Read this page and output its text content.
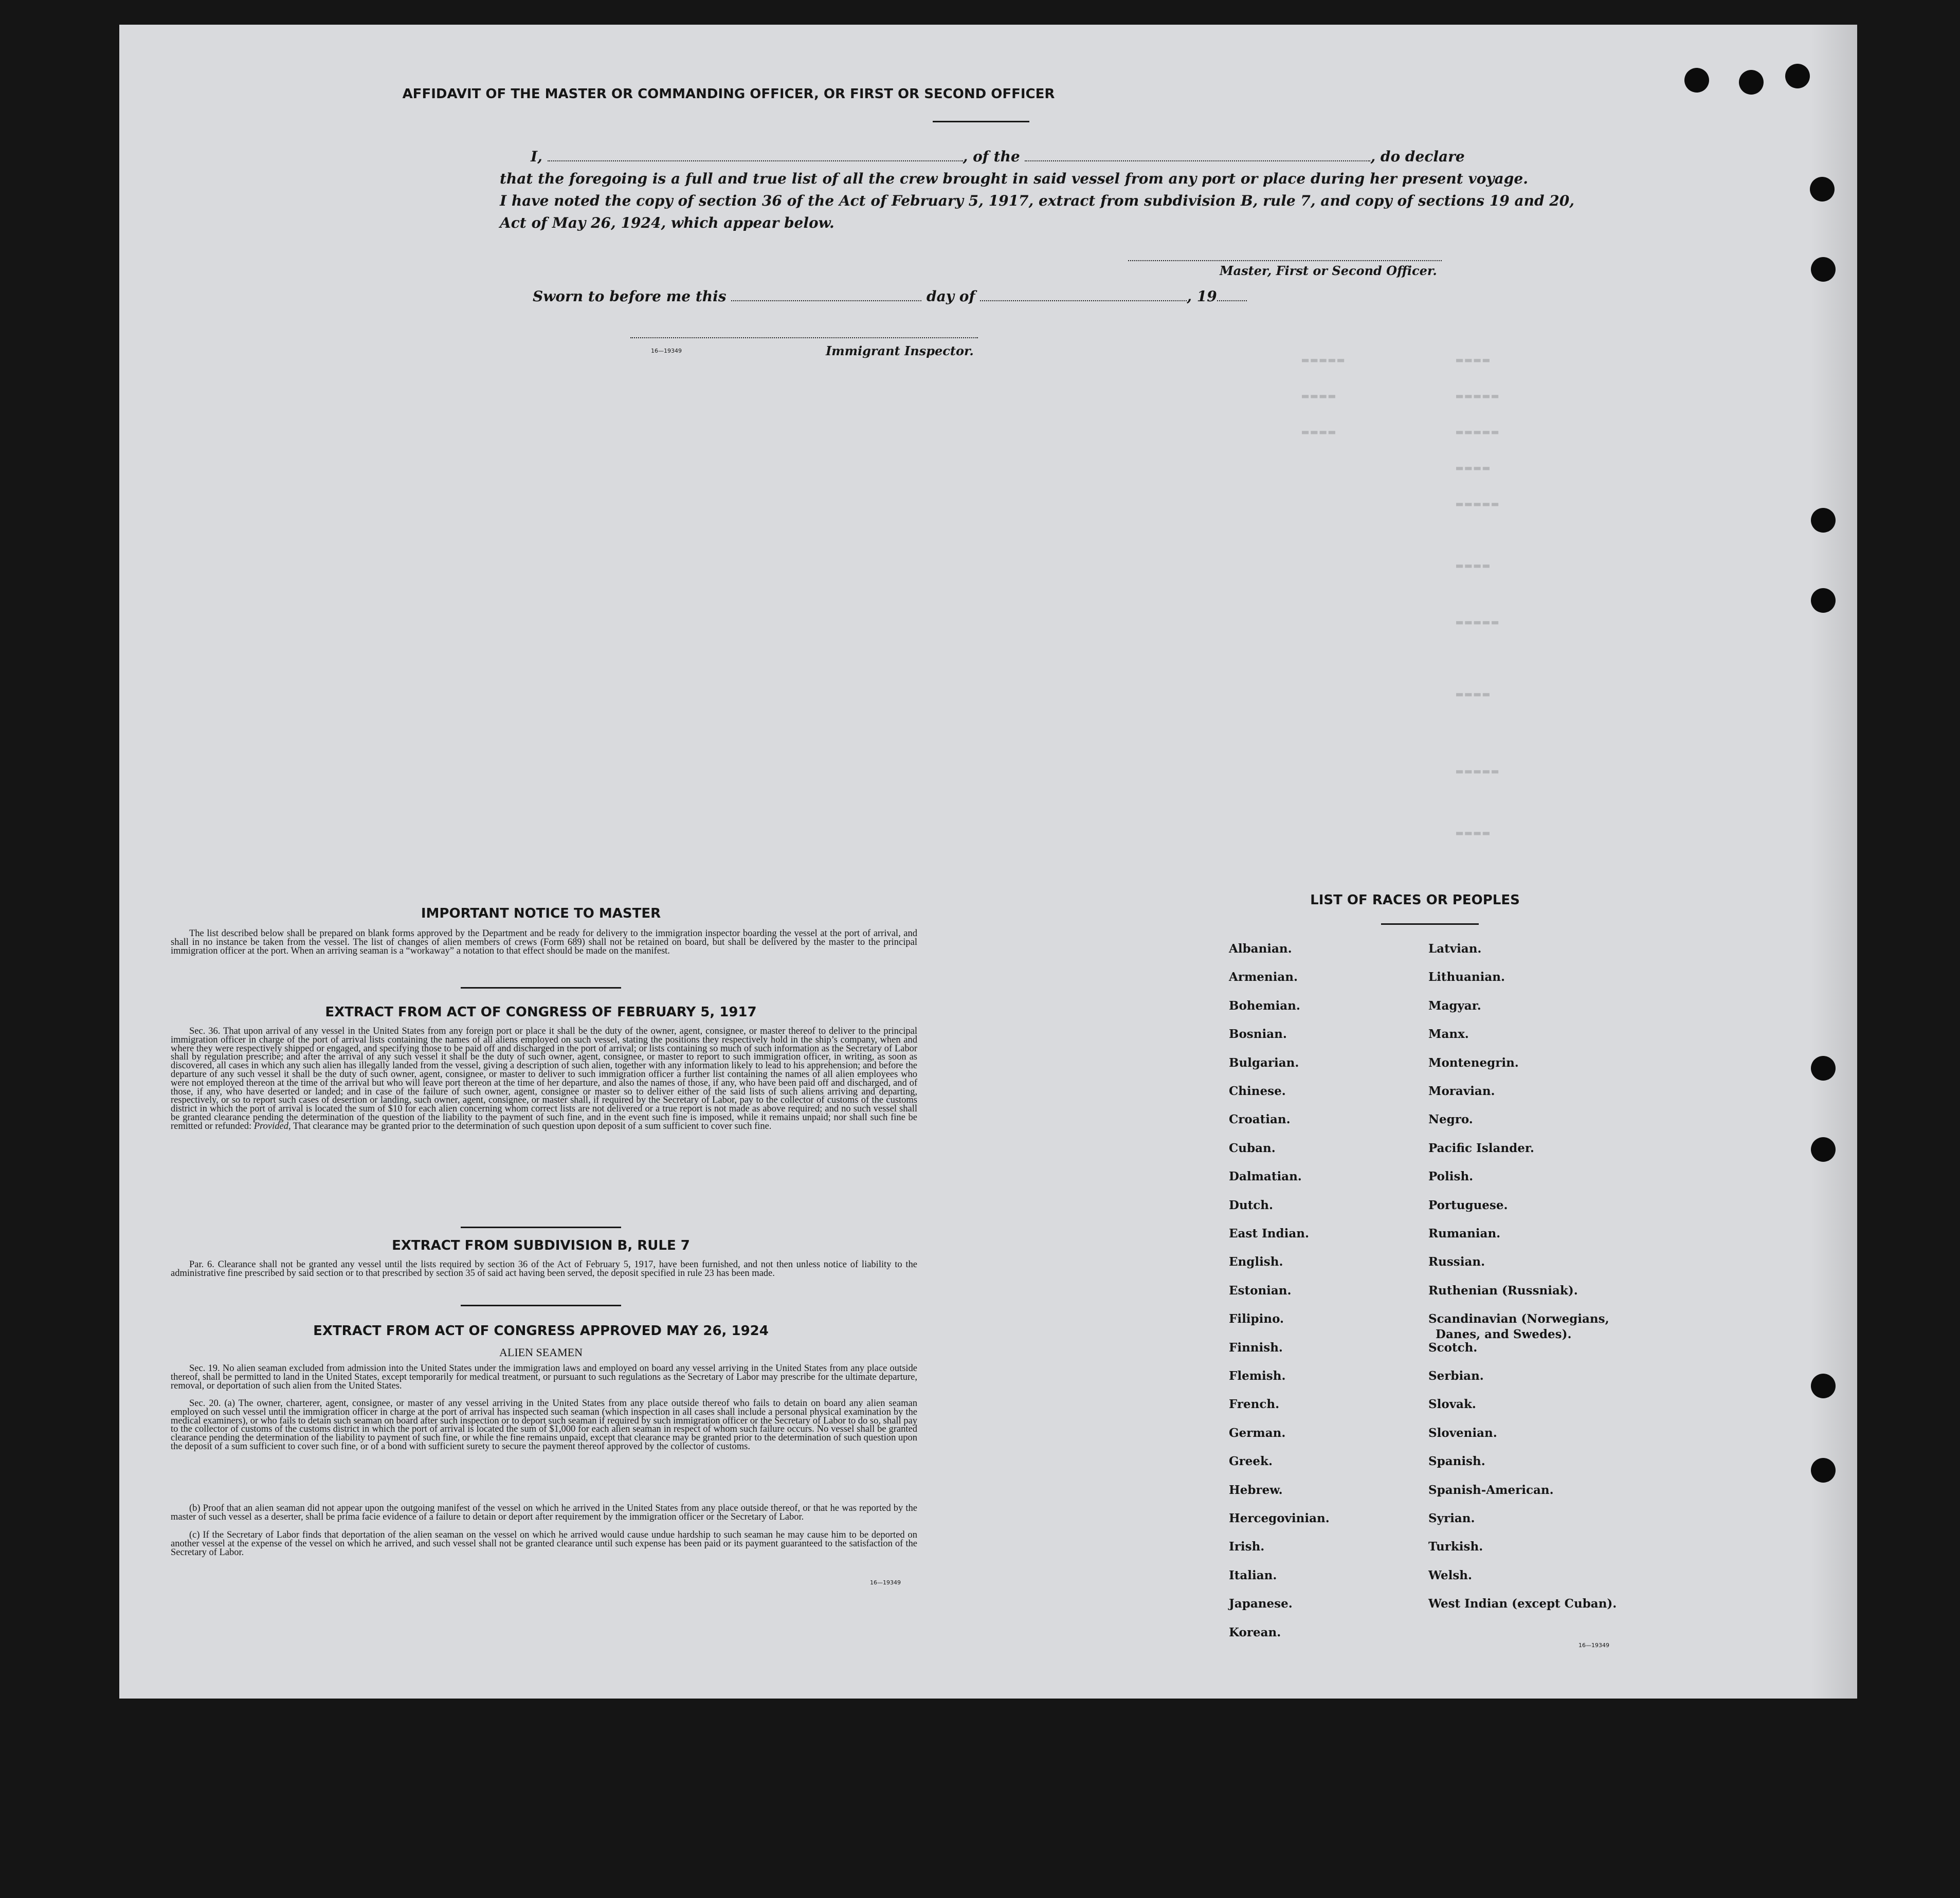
▬▬▬▬
▬▬▬▬▬
▬▬▬▬▬
▬▬▬▬
▬▬▬▬▬
▬▬▬▬
▬▬▬▬
▬▬▬▬▬
▬▬▬▬
▬▬▬▬▬
▬▬▬▬
▬▬▬▬▬
▬▬▬▬
AFFIDAVIT OF THE MASTER OR COMMANDING OFFICER, OR FIRST OR SECOND OFFICER
I,	, of the	, do declare
that the foregoing is a full and true list of all the crew brought in said vessel from any port or place during her present voyage.
I have noted the copy of section 36 of the Act of February 5, 1917, extract from subdivision B, rule 7, and copy of sections 19 and 20,
Act of May 26, 1924, which appear below.
Master, First or Second Officer.
Sworn to before me this	day of	, 19
16—19349	Immigrant Inspector.
IMPORTANT NOTICE TO MASTER
The list described below shall be prepared on blank forms approved by the Department and be ready for delivery to the immigration inspector boarding the vessel at the port of arrival, and shall in no instance be taken from the vessel. The list of changes of alien members of crews (Form 689) shall not be retained on board, but shall be delivered by the master to the principal immigration officer at the port. When an arriving seaman is a “workaway” a notation to that effect should be made on the manifest.
EXTRACT FROM ACT OF CONGRESS OF FEBRUARY 5, 1917
Sec. 36. That upon arrival of any vessel in the United States from any foreign port or place it shall be the duty of the owner, agent, consignee, or master thereof to deliver to the principal immigration officer in charge of the port of arrival lists containing the names of all aliens employed on such vessel, stating the positions they respectively hold in the ship’s company, when and where they were respectively shipped or engaged, and specifying those to be paid off and discharged in the port of arrival; or lists containing so much of such information as the Secretary of Labor shall by regulation prescribe; and after the arrival of any such vessel it shall be the duty of such owner, agent, consignee, or master to report to such immigration officer, in writing, as soon as discovered, all cases in which any such alien has illegally landed from the vessel, giving a description of such alien, together with any information likely to lead to his apprehension; and before the departure of any such vessel it shall be the duty of such owner, agent, consignee, or master to deliver to such immigration officer a further list containing the names of all alien employees who were not employed thereon at the time of the arrival but who will leave port thereon at the time of her departure, and also the names of those, if any, who have been paid off and discharged, and of those, if any, who have deserted or landed; and in case of the failure of such owner, agent, consignee or master so to deliver either of the said lists of such aliens arriving and departing, respectively, or so to report such cases of desertion or landing, such owner, agent, consignee, or master shall, if required by the Secretary of Labor, pay to the collector of customs of the customs district in which the port of arrival is located the sum of $10 for each alien concerning whom correct lists are not delivered or a true report is not made as above required; and no such vessel shall be granted clearance pending the determination of the question of the liability to the payment of such fine, and in the event such fine is imposed, while it remains unpaid; nor shall such fine be remitted or refunded: Provided, That clearance may be granted prior to the determination of such question upon deposit of a sum sufficient to cover such fine.
EXTRACT FROM SUBDIVISION B, RULE 7
Par. 6. Clearance shall not be granted any vessel until the lists required by section 36 of the Act of February 5, 1917, have been furnished, and not then unless notice of liability to the administrative fine prescribed by said section or to that prescribed by section 35 of said act having been served, the deposit specified in rule 23 has been made.
EXTRACT FROM ACT OF CONGRESS APPROVED MAY 26, 1924
ALIEN SEAMEN
Sec. 19. No alien seaman excluded from admission into the United States under the immigration laws and employed on board any vessel arriving in the United States from any place outside thereof, shall be permitted to land in the United States, except temporarily for medical treatment, or pursuant to such regulations as the Secretary of Labor may prescribe for the ultimate departure, removal, or deportation of such alien from the United States.
Sec. 20. (a) The owner, charterer, agent, consignee, or master of any vessel arriving in the United States from any place outside thereof who fails to detain on board any alien seaman employed on such vessel until the immigration officer in charge at the port of arrival has inspected such seaman (which inspection in all cases shall include a personal physical examination by the medical examiners), or who fails to detain such seaman on board after such inspection or to deport such seaman if required by such immigration officer or the Secretary of Labor to do so, shall pay to the collector of customs of the customs district in which the port of arrival is located the sum of $1,000 for each alien seaman in respect of whom such failure occurs. No vessel shall be granted clearance pending the determination of the liability to payment of such fine, or while the fine remains unpaid, except that clearance may be granted prior to the determination of such question upon the deposit of a sum sufficient to cover such fine, or of a bond with sufficient surety to secure the payment thereof approved by the collector of customs.
(b) Proof that an alien seaman did not appear upon the outgoing manifest of the vessel on which he arrived in the United States from any place outside thereof, or that he was reported by the master of such vessel as a deserter, shall be prima facie evidence of a failure to detain or deport after requirement by the immigration officer or the Secretary of Labor.
(c) If the Secretary of Labor finds that deportation of the alien seaman on the vessel on which he arrived would cause undue hardship to such seaman he may cause him to be deported on another vessel at the expense of the vessel on which he arrived, and such vessel shall not be granted clearance until such expense has been paid or its payment guaranteed to the satisfaction of the Secretary of Labor.
16—19349
LIST OF RACES OR PEOPLES
Albanian.
Armenian.
Bohemian.
Bosnian.
Bulgarian.
Chinese.
Croatian.
Cuban.
Dalmatian.
Dutch.
East Indian.
English.
Estonian.
Filipino.
Finnish.
Flemish.
French.
German.
Greek.
Hebrew.
Hercegovinian.
Irish.
Italian.
Japanese.
Korean.
Latvian.
Lithuanian.
Magyar.
Manx.
Montenegrin.
Moravian.
Negro.
Pacific Islander.
Polish.
Portuguese.
Rumanian.
Russian.
Ruthenian (Russniak).
Scandinavian (Norwegians,
Danes, and Swedes).
Scotch.
Serbian.
Slovak.
Slovenian.
Spanish.
Spanish-American.
Syrian.
Turkish.
Welsh.
West Indian (except Cuban).
16—19349
